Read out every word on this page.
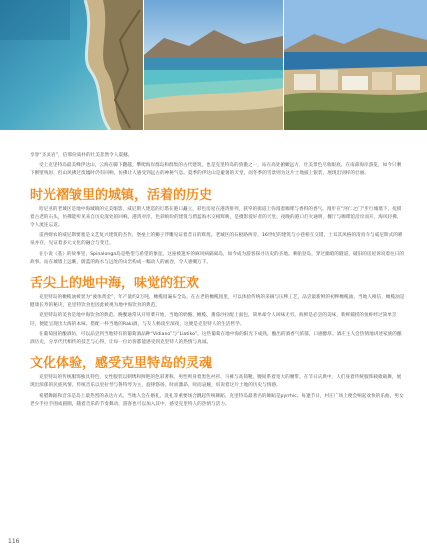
享誉“圣灵岩”，信那份质朴的壮美悲然令人震撼。

受上克里特岛最美峰伊达山，云海在脚下翻越。攀爬海岸群岛和群集的古代建筑，也是克里特岛的骄傲之一，站在高处俯瞰远方，壮美景色尽收眼底。在南部海岸游览，如今只剩下断壁残垣，但山风拂过废墟时仍有回响，仿佛让人感受到远古的神秘气息。夏季的伊达山是避暑的天堂，而冬季的雪景则为这片土地披上银装，展现出别样的壮丽。

时光褶皱里的城镇，活着的历史

哈尼亚的老城区是地中海城镇的完美缩影，威尼斯人建造的灯塔在港口矗立，彩色房屋在港湾排列，狭窄的街道上弥漫着咖啡与香料的香气。漫步在“河仁之门”步行城墙下，抚摸着古老的石头，仿佛能听见来自历史深处的回响。港湾对岸，色彩缤纷的建筑与碧蓝海水交相辉映，是摄影爱好者的天堂。夜晚的港口灯火通明，餐厅与咖啡馆沿岸而开，海风轻拂，令人流连忘返。

雷西姆农的威尼斯要塞是文艺复兴建筑的杰作，堡垒上的狮子浮雕见证着昔日的辉煌。老城区的石板路两旁，16世纪的建筑与小巷相互交错，土耳其风格的清真寺与威尼斯式的喷泉并存，见证着多元文化的融合与变迁。

在小说《基》的故事里，Spinalonga岛是绝望与希望的象征。这座被遗弃的麻风病隔离岛，如今成为游客探寻历史的圣地。乘船登岛，穿过幽暗的隧道，破旧的房屋诉说着往日的故事。站在城墙上远眺，蔚蓝的海水与远处的山峦构成一幅动人的画卷，令人感慨万千。

舌尖上的地中海，味觉的狂欢

克里特岛的橄榄油被誉为“液体黄金”，年产量约2万吨，橄榄园遍布全岛。在古老的橄榄园里，可以体验传统的采摘与压榨工艺，品尝最新鲜的初榨橄榄油。当地人相信，橄榄油是健康长寿的秘诀，克里特饮食也因此被视为地中海饮食的典范。

克里特岛的美食是地中海饮食的典范。晚餐通常从开胃菜开始，当地的奶酪、橄榄、番茄沙拉配上面包，简单却令人回味无穷。海鲜是必尝的美味，新鲜捕捞的鱼虾经过简单烹饪，便能呈现出大海的本味。搭配一杯当地的Raki酒，与友人畅谈至深夜，这便是克里特人的生活哲学。

在葡萄园的酿酒坊，可以品尝到当地特有的葡萄酒品种“Vidiano”与“Liatiko”。这些葡萄在地中海的阳光下成熟，酿出的酒香气浓郁，口感醇厚。酒庄主人会热情地讲述家族的酿酒历史，分享代代相传的技艺与心得，让每一位访客都能感受到克里特人的热情与真诚。

文化体验，感受克里特岛的灵魂

克里特岛的传统服饰独具特色，女性服装以刺绣和鲜艳的色彩著称，男性则身着黑色衬衫、马裤与高筒靴，腰间系着宽大的腰带。在节日庆典中，人们身着传统服饰载歌载舞，展现出浓郁的民族风情。传统音乐以里拉琴与鲁特琴为主，旋律悠扬，时而激昂，时而哀婉，诉说着这片土地的历史与情感。

希腊舞蹈和音乐是岛上最热烈的表达方式。当地人会在婚礼、洗礼等重要场合跳起传统舞蹈，克里特岛最著名的舞蹈是pyrrhic。每逢节日，村庄广场上便会响起欢快的乐曲，男女老少手拉手围成圆圈，随着音乐的节奏舞动，游客也可以加入其中，感受克里特人的热情与活力。

116
